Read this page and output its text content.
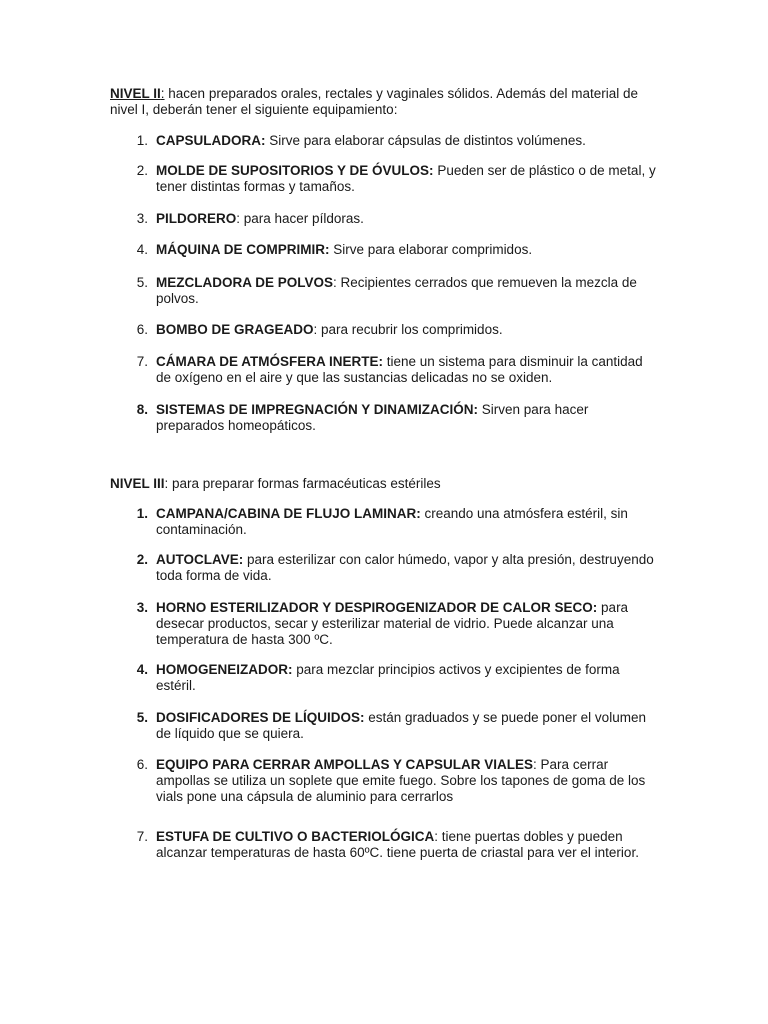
NIVEL II: hacen preparados orales, rectales y vaginales sólidos. Además del material de nivel I, deberán tener el siguiente equipamiento:
1. CAPSULADORA: Sirve para elaborar cápsulas de distintos volúmenes.
2. MOLDE DE SUPOSITORIOS Y DE ÓVULOS: Pueden ser de plástico o de metal, y tener distintas formas y tamaños.
3. PILDORERO: para hacer píldoras.
4. MÁQUINA DE COMPRIMIR: Sirve para elaborar comprimidos.
5. MEZCLADORA DE POLVOS: Recipientes cerrados que remueven la mezcla de polvos.
6. BOMBO DE GRAGEADO: para recubrir los comprimidos.
7. CÁMARA DE ATMÓSFERA INERTE: tiene un sistema para disminuir la cantidad de oxígeno en el aire y que las sustancias delicadas no se oxiden.
8. SISTEMAS DE IMPREGNACIÓN Y DINAMIZACIÓN: Sirven para hacer preparados homeopáticos.
NIVEL III: para preparar formas farmacéuticas estériles
1. CAMPANA/CABINA DE FLUJO LAMINAR: creando una atmósfera estéril, sin contaminación.
2. AUTOCLAVE: para esterilizar con calor húmedo, vapor y alta presión, destruyendo toda forma de vida.
3. HORNO ESTERILIZADOR Y DESPIROGENIZADOR DE CALOR SECO: para desecar productos, secar y esterilizar material de vidrio. Puede alcanzar una temperatura de hasta 300 ºC.
4. HOMOGENEIZADOR: para mezclar principios activos y excipientes de forma estéril.
5. DOSIFICADORES DE LÍQUIDOS: están graduados y se puede poner el volumen de líquido que se quiera.
6. EQUIPO PARA CERRAR AMPOLLAS Y CAPSULAR VIALES: Para cerrar ampollas se utiliza un soplete que emite fuego. Sobre los tapones de goma de los vials pone una cápsula de aluminio para cerrarlos
7. ESTUFA DE CULTIVO O BACTERIOLÓGICA: tiene puertas dobles y pueden alcanzar temperaturas de hasta 60ºC. tiene puerta de criastal para ver el interior.
